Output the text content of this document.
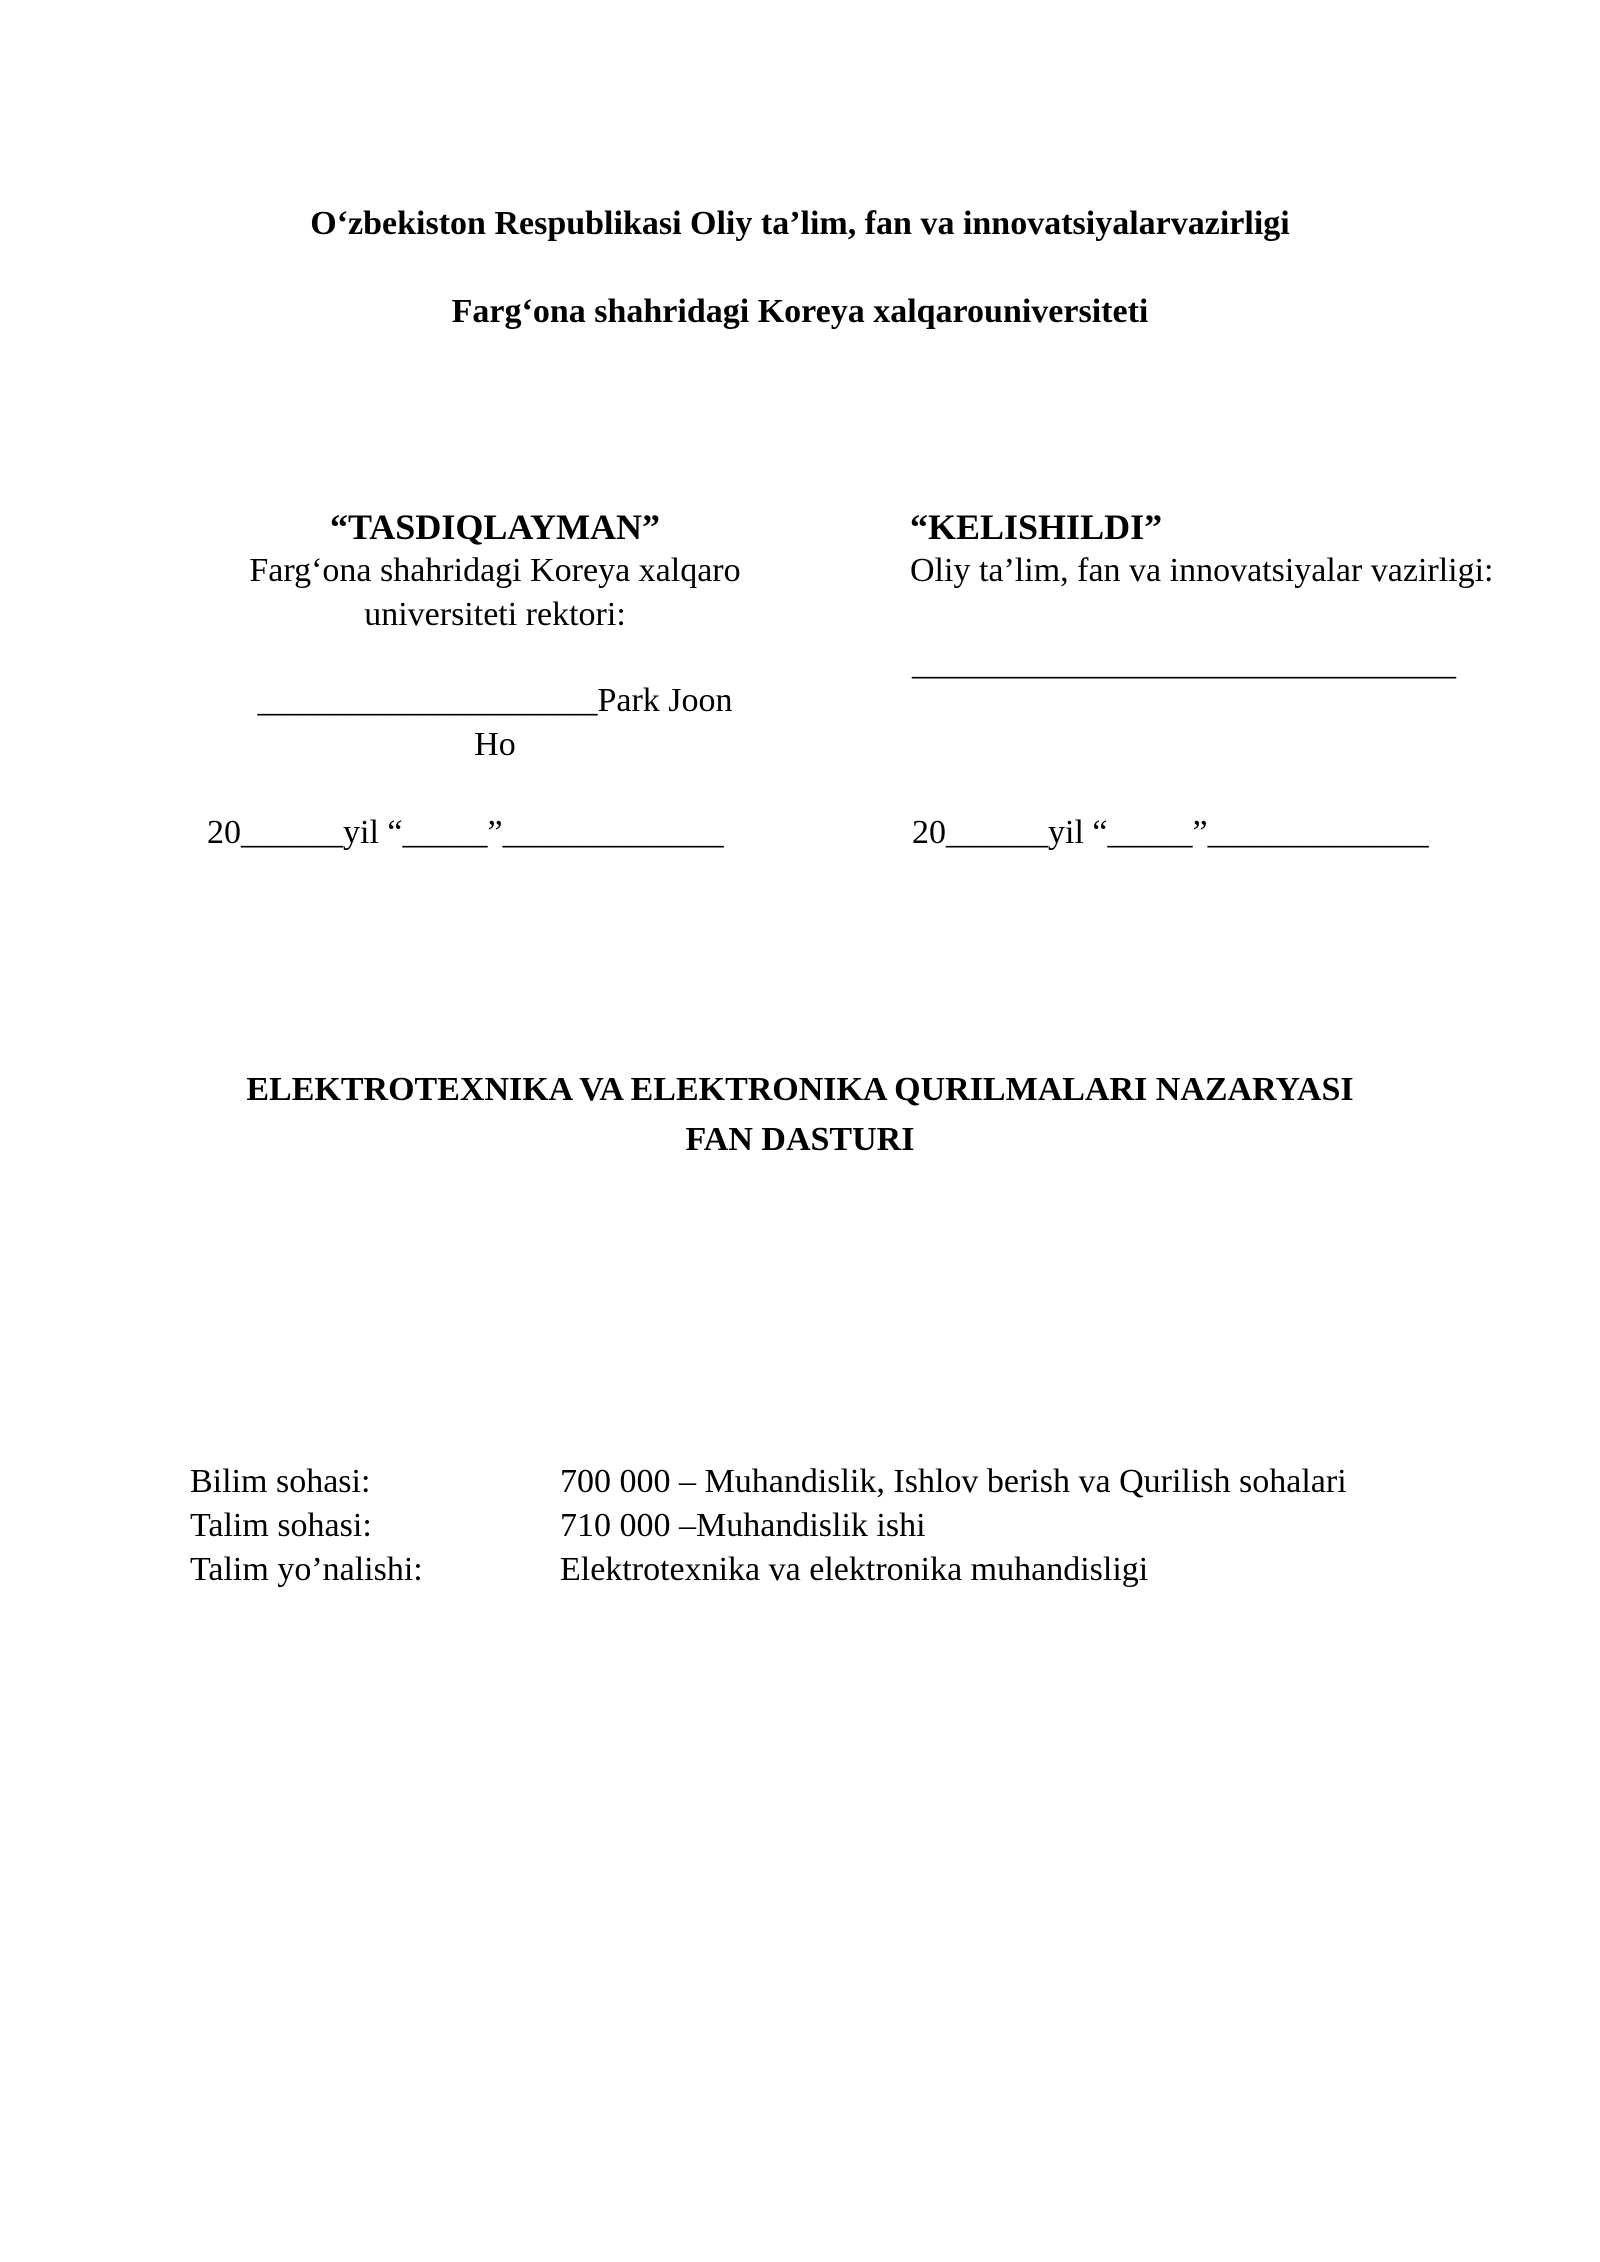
O‘zbekiston Respublikasi Oliy ta’lim, fan va innovatsiyalarvazirligi
Farg‘ona shahridagi Koreya xalqarouniversiteti
“TASDIQLAYMAN”
Farg‘ona shahridagi Koreya xalqaro
universiteti rektori:
____________________Park Joon
Ho
20______yil “_____”_____________
“KELISHILDI”
Oliy ta’lim, fan va innovatsiyalar vazirligi:
________________________________
20______yil “_____”_____________
ELEKTROTEXNIKA VA ELEKTRONIKA QURILMALARI NAZARYASI
FAN DASTURI
Bilim sohasi:	700 000 – Muhandislik, Ishlov berish va Qurilish sohalari
Talim sohasi:	710 000 –Muhandislik ishi
Talim yo’nalishi:	Elektrotexnika va elektronika muhandisligi
